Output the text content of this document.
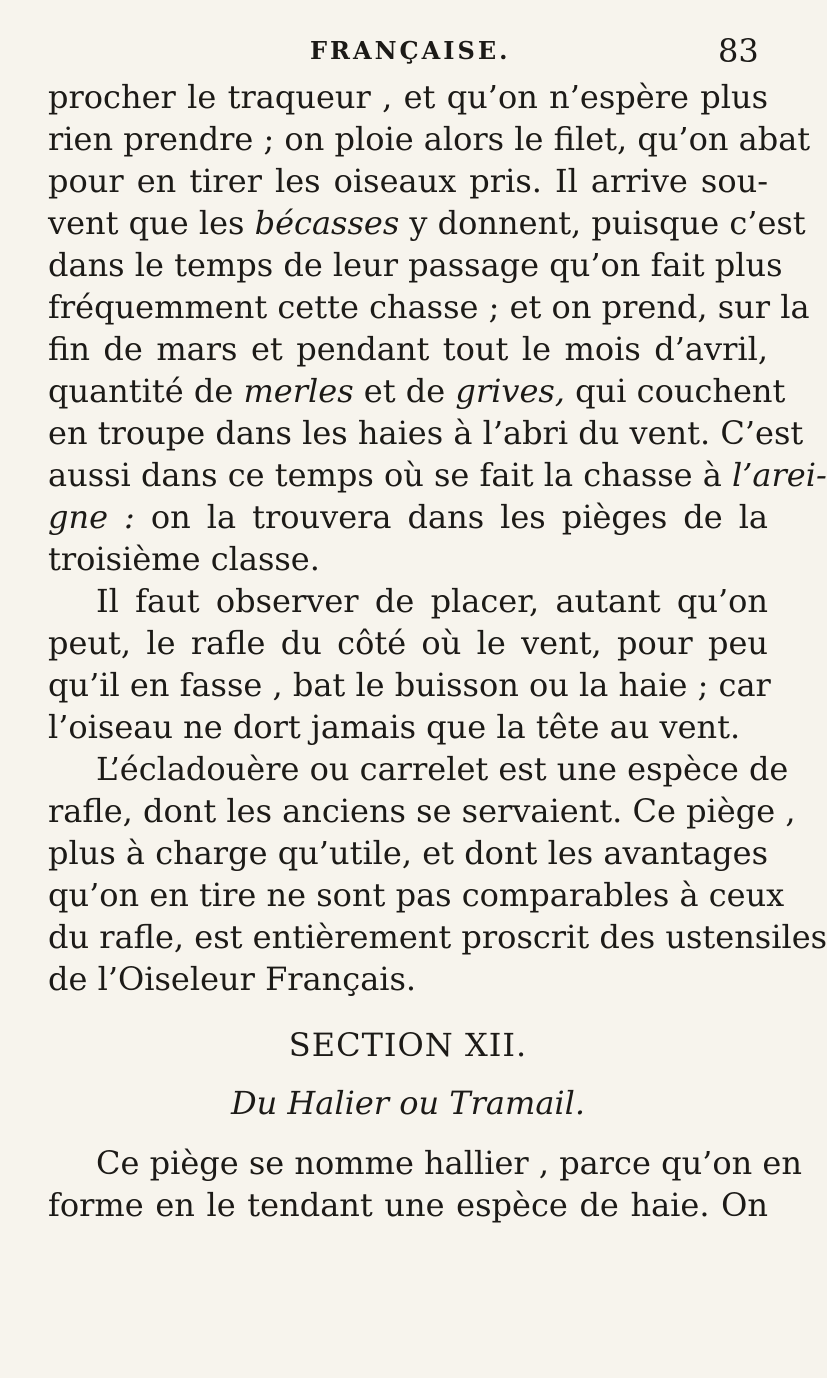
FRANÇAISE.	83
procher le traqueur , et qu’on n’espère plus
rien prendre ; on ploie alors le filet, qu’on abat
pour en tirer les oiseaux pris. Il arrive sou-
vent que les bécasses y donnent, puisque c’est
dans le temps de leur passage qu’on fait plus
fréquemment cette chasse ; et on prend, sur la
fin de mars et pendant tout le mois d’avril,
quantité de merles et de grives, qui couchent
en troupe dans les haies à l’abri du vent. C’est
aussi dans ce temps où se fait la chasse à l’arei-
gne : on la trouvera dans les pièges de la
troisième classe.
Il faut observer de placer, autant qu’on
peut, le rafle du côté où le vent, pour peu
qu’il en fasse , bat le buisson ou la haie ; car
l’oiseau ne dort jamais que la tête au vent.
L’écladouère ou carrelet est une espèce de
rafle, dont les anciens se servaient. Ce piège ,
plus à charge qu’utile, et dont les avantages
qu’on en tire ne sont pas comparables à ceux
du rafle, est entièrement proscrit des ustensiles
de l’Oiseleur Français.
SECTION XII.
Du Halier ou Tramail.
Ce piège se nomme hallier , parce qu’on en
forme en le tendant une espèce de haie. On
